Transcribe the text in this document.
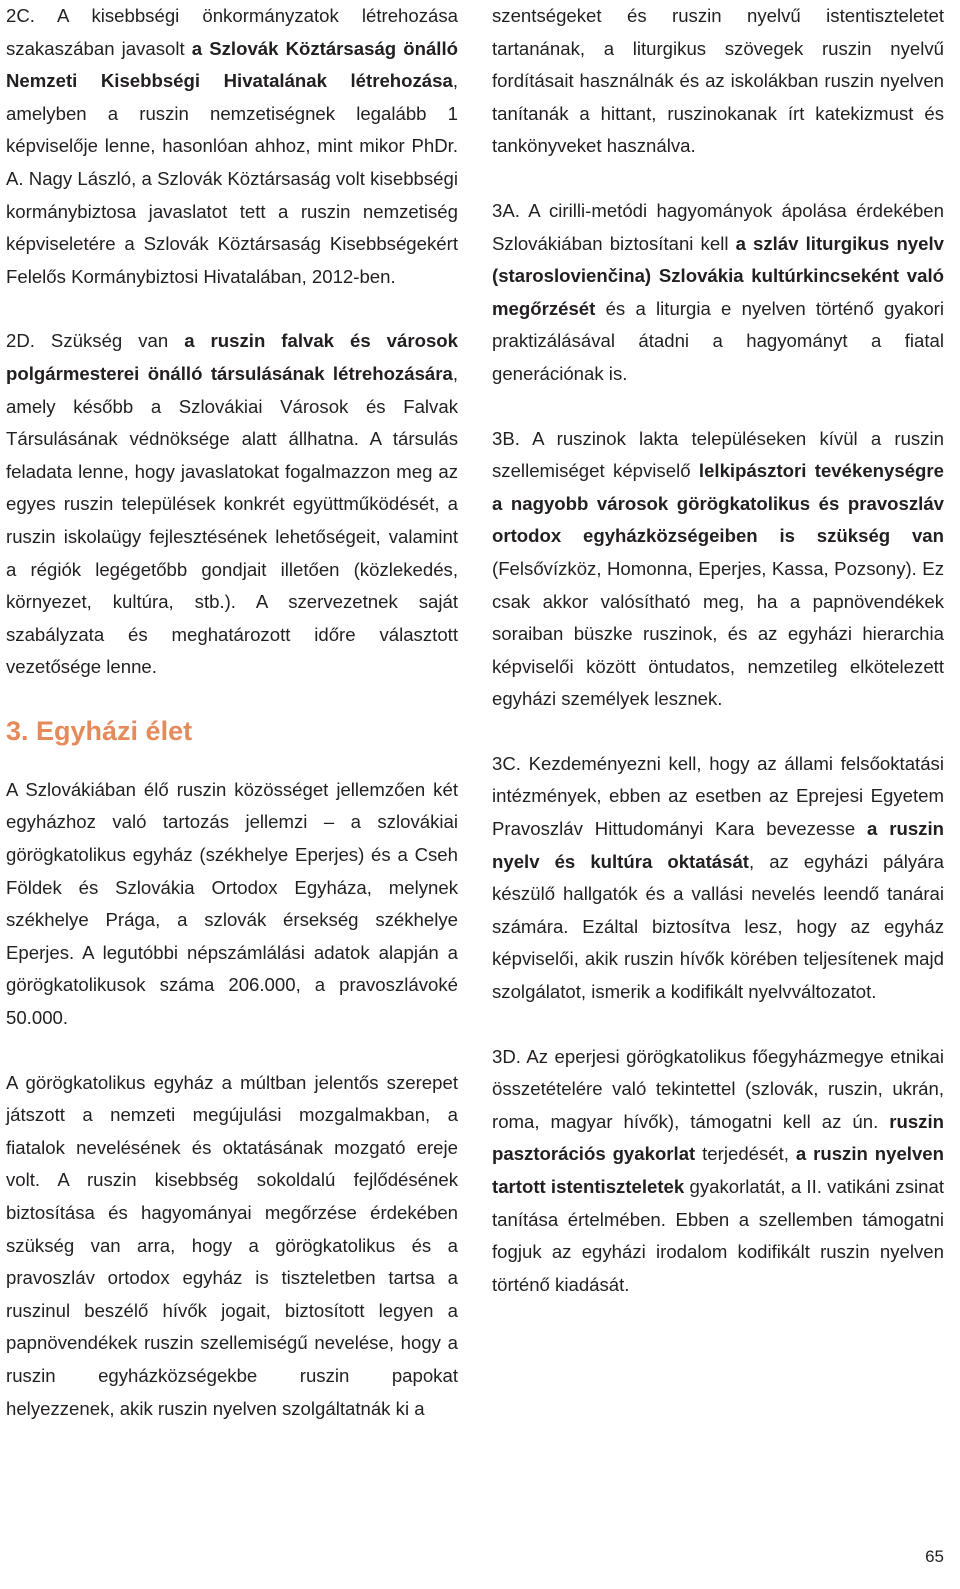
2C. A kisebbségi önkormányzatok létrehozása szakaszában javasolt a Szlovák Köztársaság önálló Nemzeti Kisebbségi Hivatalának létrehozása, amelyben a ruszin nemzetiségnek legalább 1 képviselője lenne, hasonlóan ahhoz, mint mikor PhDr. A. Nagy László, a Szlovák Köztársaság volt kisebbségi kormánybiztosa javaslatot tett a ruszin nemzetiség képviseletére a Szlovák Köztársaság Kisebbségekért Felelős Kormánybiztosi Hivatalában, 2012-ben.

2D. Szükség van a ruszin falvak és városok polgármesterei önálló társulásának létrehozására, amely később a Szlovákiai Városok és Falvak Társulásának védnöksége alatt állhatna. A társulás feladata lenne, hogy javaslatokat fogalmazzon meg az egyes ruszin települések konkrét együttműködését, a ruszin iskolaügy fejlesztésének lehetőségeit, valamint a régiók legégetőbb gondjait illetően (közlekedés, környezet, kultúra, stb.). A szervezetnek saját szabályzata és meghatározott időre választott vezetősége lenne.

3. Egyházi élet

A Szlovákiában élő ruszin közösséget jellemzően két egyházhoz való tartozás jellemzi – a szlovákiai görögkatolikus egyház (székhelye Eperjes) és a Cseh Földek és Szlovákia Ortodox Egyháza, melynek székhelye Prága, a szlovák érsekség székhelye Eperjes. A legutóbbi népszámlálási adatok alapján a görögkatolikusok száma 206.000, a pravoszlávoké 50.000.

A görögkatolikus egyház a múltban jelentős szerepet játszott a nemzeti megújulási mozgalmakban, a fiatalok nevelésének és oktatásának mozgató ereje volt. A ruszin kisebbség sokoldalú fejlődésének biztosítása és hagyományai megőrzése érdekében szükség van arra, hogy a görögkatolikus és a pravoszláv ortodox egyház is tiszteletben tartsa a ruszinul beszélő hívők jogait, biztosított legyen a papnövendékek ruszin szellemiségű nevelése, hogy a ruszin egyházközségekbe ruszin papokat helyezzenek, akik ruszin nyelven szolgáltatnák ki a

szentségeket és ruszin nyelvű istentiszteletet tartanának, a liturgikus szövegek ruszin nyelvű fordításait használnák és az iskolákban ruszin nyelven tanítanák a hittant, ruszinokanak írt katekizmust és tankönyveket használva.

3A. A cirilli-metódi hagyományok ápolása érdekében Szlovákiában biztosítani kell a szláv liturgikus nyelv (staroslovienčina) Szlovákia kultúrkincseként való megőrzését és a liturgia e nyelven történő gyakori praktizálásával átadni a hagyományt a fiatal generációnak is.

3B. A ruszinok lakta településeken kívül a ruszin szellemiséget képviselő lelkipásztori tevékenységre a nagyobb városok görögkatolikus és pravoszláv ortodox egyházközségeiben is szükség van (Felsővízköz, Homonna, Eperjes, Kassa, Pozsony). Ez csak akkor valósítható meg, ha a papnövendékek soraiban büszke ruszinok, és az egyházi hierarchia képviselői között öntudatos, nemzetileg elkötelezett egyházi személyek lesznek.

3C. Kezdeményezni kell, hogy az állami felsőoktatási intézmények, ebben az esetben az Eprejesi Egyetem Pravoszláv Hittudományi Kara bevezesse a ruszin nyelv és kultúra oktatását, az egyházi pályára készülő hallgatók és a vallási nevelés leendő tanárai számára. Ezáltal biztosítva lesz, hogy az egyház képviselői, akik ruszin hívők körében teljesítenek majd szolgálatot, ismerik a kodifikált nyelvváltozatot.

3D. Az eperjesi görögkatolikus főegyházmegye etnikai összetételére való tekintettel (szlovák, ruszin, ukrán, roma, magyar hívők), támogatni kell az ún. ruszin pasztorációs gyakorlat terjedését, a ruszin nyelven tartott istentiszteletek gyakorlatát, a II. vatikáni zsinat tanítása értelmében. Ebben a szellemben támogatni fogjuk az egyházi irodalom kodifikált ruszin nyelven történő kiadását.

65
